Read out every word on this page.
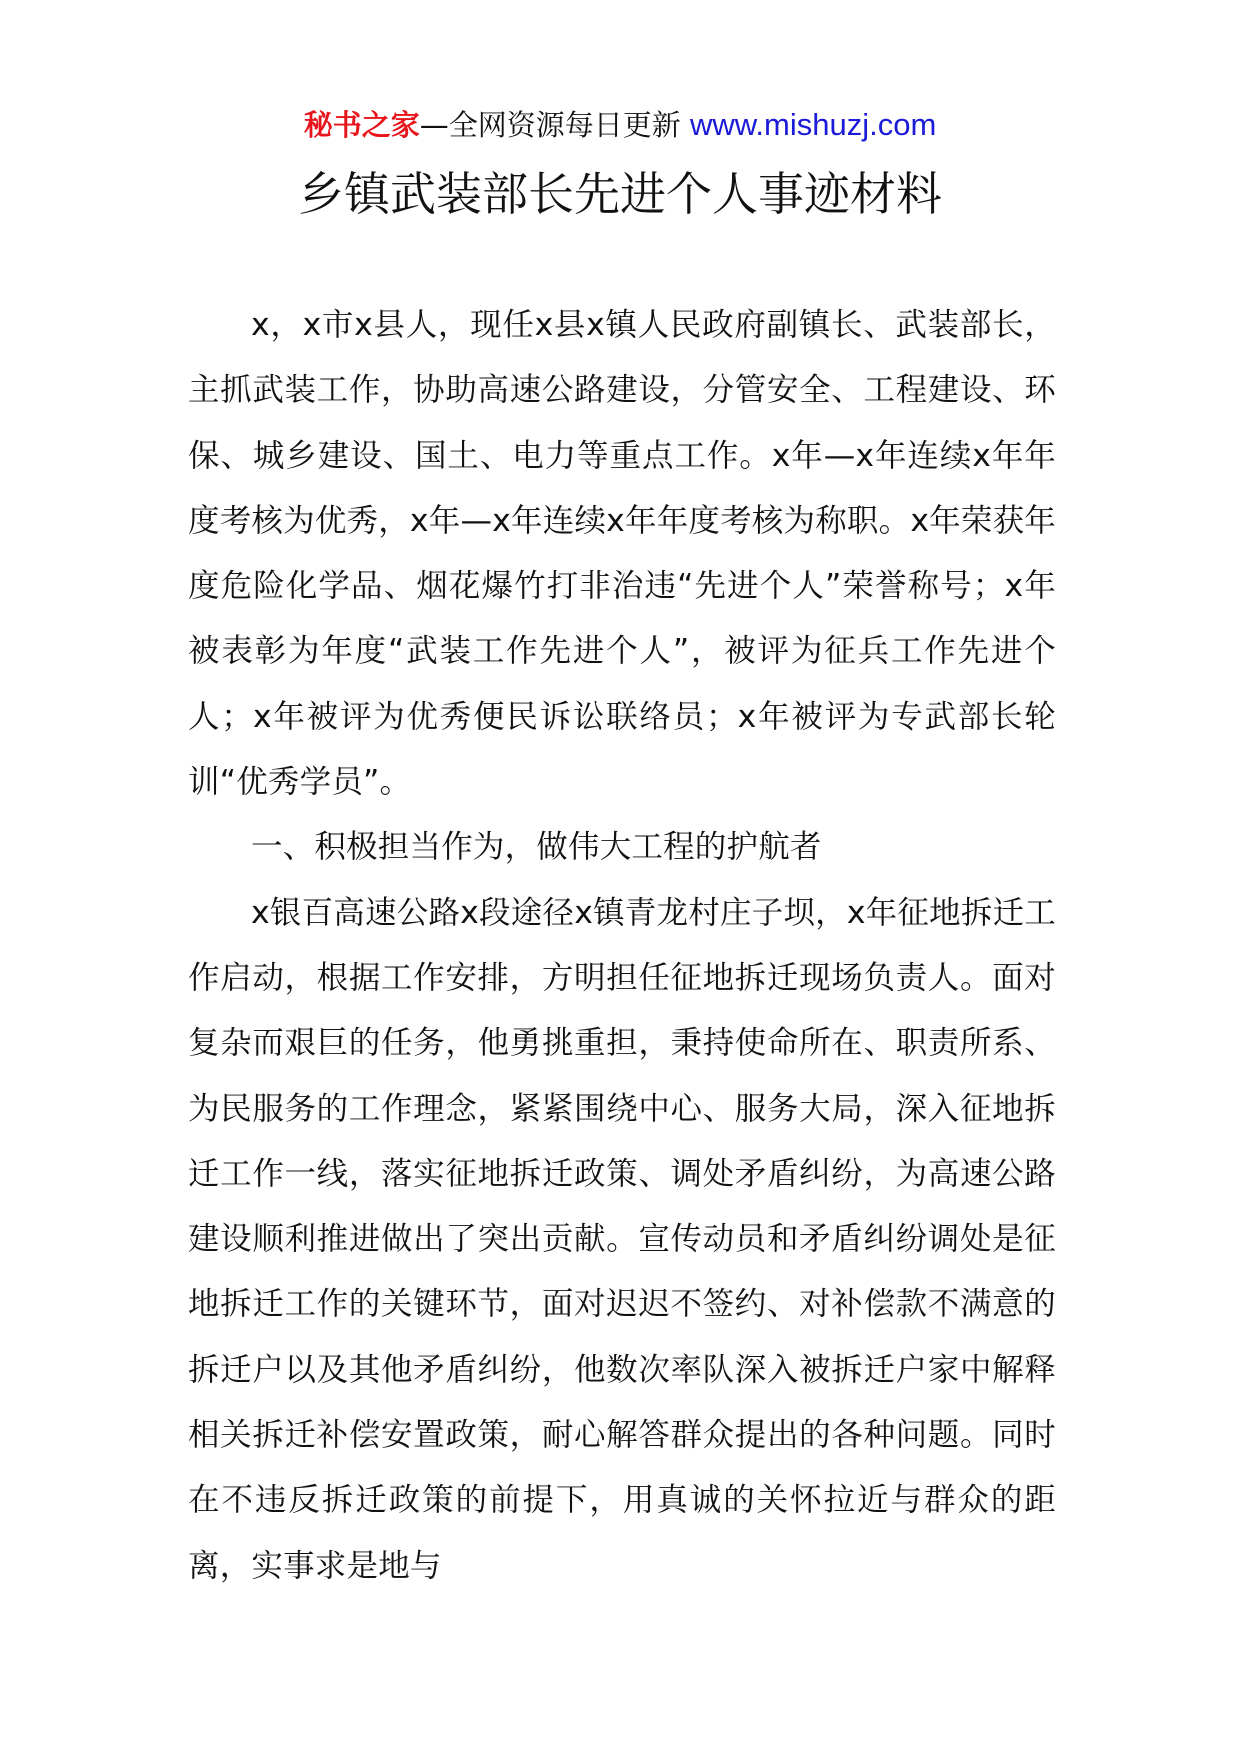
秘书之家—全网资源每日更新 www.mishuzj.com
乡镇武装部长先进个人事迹材料

x，x市x县人，现任x县x镇人民政府副镇长、武装部长，主抓武装工作，协助高速公路建设，分管安全、工程建设、环保、城乡建设、国土、电力等重点工作。x年—x年连续x年年度考核为优秀，x年—x年连续x年年度考核为称职。x年荣获年度危险化学品、烟花爆竹打非治违“先进个人”荣誉称号；x年被表彰为年度“武装工作先进个人”，被评为征兵工作先进个人；x年被评为优秀便民诉讼联络员；x年被评为专武部长轮训“优秀学员”。

一、积极担当作为，做伟大工程的护航者

x银百高速公路x段途径x镇青龙村庄子坝，x年征地拆迁工作启动，根据工作安排，方明担任征地拆迁现场负责人。面对复杂而艰巨的任务，他勇挑重担，秉持使命所在、职责所系、为民服务的工作理念，紧紧围绕中心、服务大局，深入征地拆迁工作一线，落实征地拆迁政策、调处矛盾纠纷，为高速公路建设顺利推进做出了突出贡献。宣传动员和矛盾纠纷调处是征地拆迁工作的关键环节，面对迟迟不签约、对补偿款不满意的拆迁户以及其他矛盾纠纷，他数次率队深入被拆迁户家中解释相关拆迁补偿安置政策，耐心解答群众提出的各种问题。同时在不违反拆迁政策的前提下，用真诚的关怀拉近与群众的距离，实事求是地与
